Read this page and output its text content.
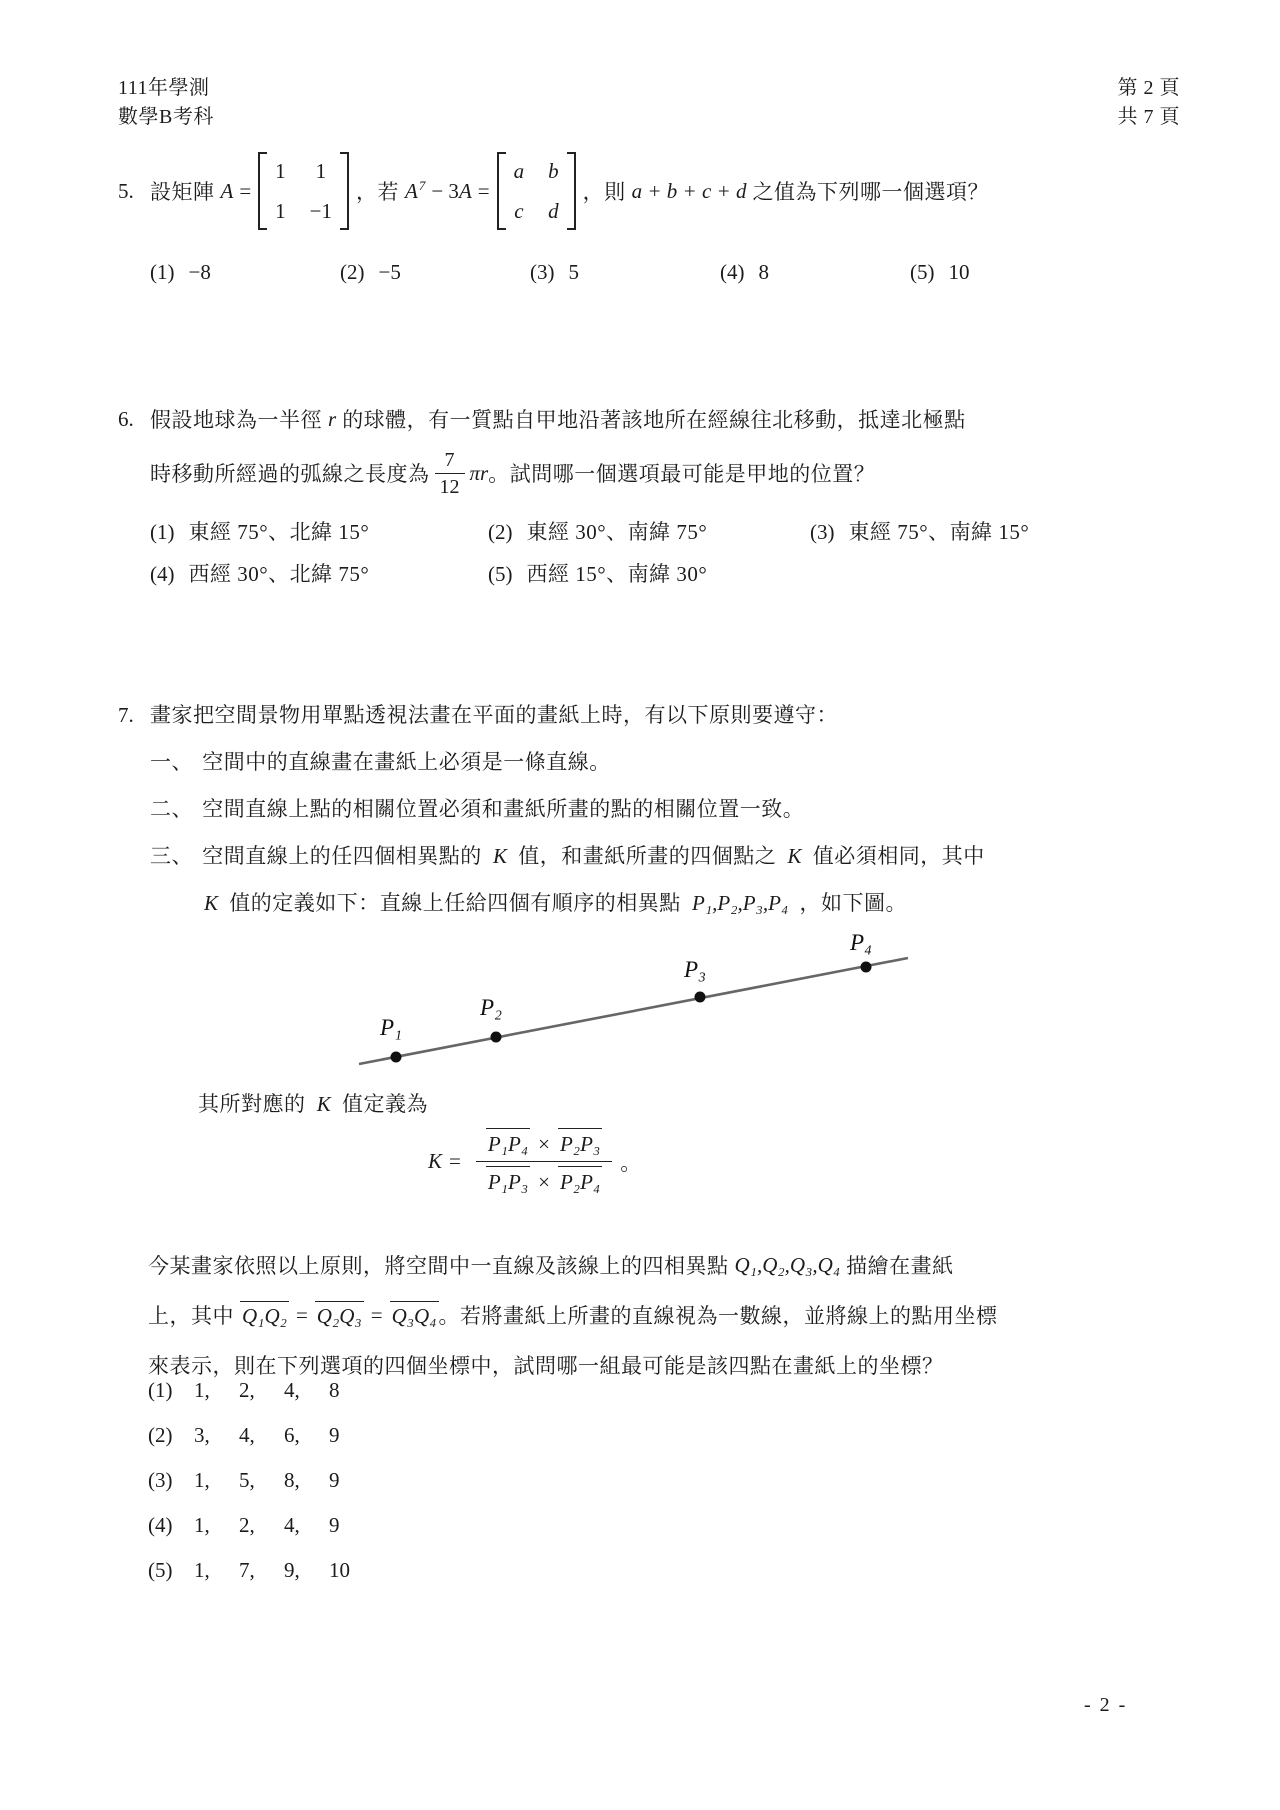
111年學測
數學B考科
第 2 頁
共 7 頁
5. 設矩陣 A =
1 1
1 −1
，若 $A^7 - 3$ A =
a b
c d
，則 a + b + c + d 之值為下列哪一個選項？
(1) −8	(2) −5	(3) 5	(4) 8	(5) 10
6. 假設地球為一半徑 r 的球體，有一質點自甲地沿著該地所在經線往北移動，抵達北極點
時移動所經過的弧線之長度為 $\frac{7}{12}$ πr 。試問哪一個選項最可能是甲地的位置？
(1) 東經 75°、北緯 15°	(2) 東經 30°、南緯 75°	(3) 東經 75°、南緯 15°
(4) 西經 30°、北緯 75°	(5) 西經 15°、南緯 30°
7. 畫家把空間景物用單點透視法畫在平面的畫紙上時，有以下原則要遵守：
一、 空間中的直線畫在畫紙上必須是一條直線。
二、 空間直線上點的相關位置必須和畫紙所畫的點的相關位置一致。
三、 空間直線上的任四個相異點的 K 值，和畫紙所畫的四個點之 K 值必須相同，其中
K 值的定義如下：直線上任給四個有順序的相異點 P₁,P₂,P₃,P₄ ，如下圖。
P₁
P₂
P₃
P₄
其所對應的 K 值定義為
$K = \frac{\text{P₁P₄ × P₂P₃}}{\text{P₁P₃ × P₂P₄}}$ 。
今某畫家依照以上原則，將空間中一直線及該線上的四相異點 Q₁,Q₂,Q₃,Q₄ 描繪在畫紙
上，其中 Q₁Q₂ = Q₂Q₃ = Q₃Q₄ 。若將畫紙上所畫的直線視為一數線，並將線上的點用坐標
來表示，則在下列選項的四個坐標中，試問哪一組最可能是該四點在畫紙上的坐標？
(1)	1, 2, 4, 8
(2)	3, 4, 6, 9
(3)	1, 5, 8, 9
(4)	1, 2, 4, 9
(5)	1, 7, 9, 10
- 2 -
